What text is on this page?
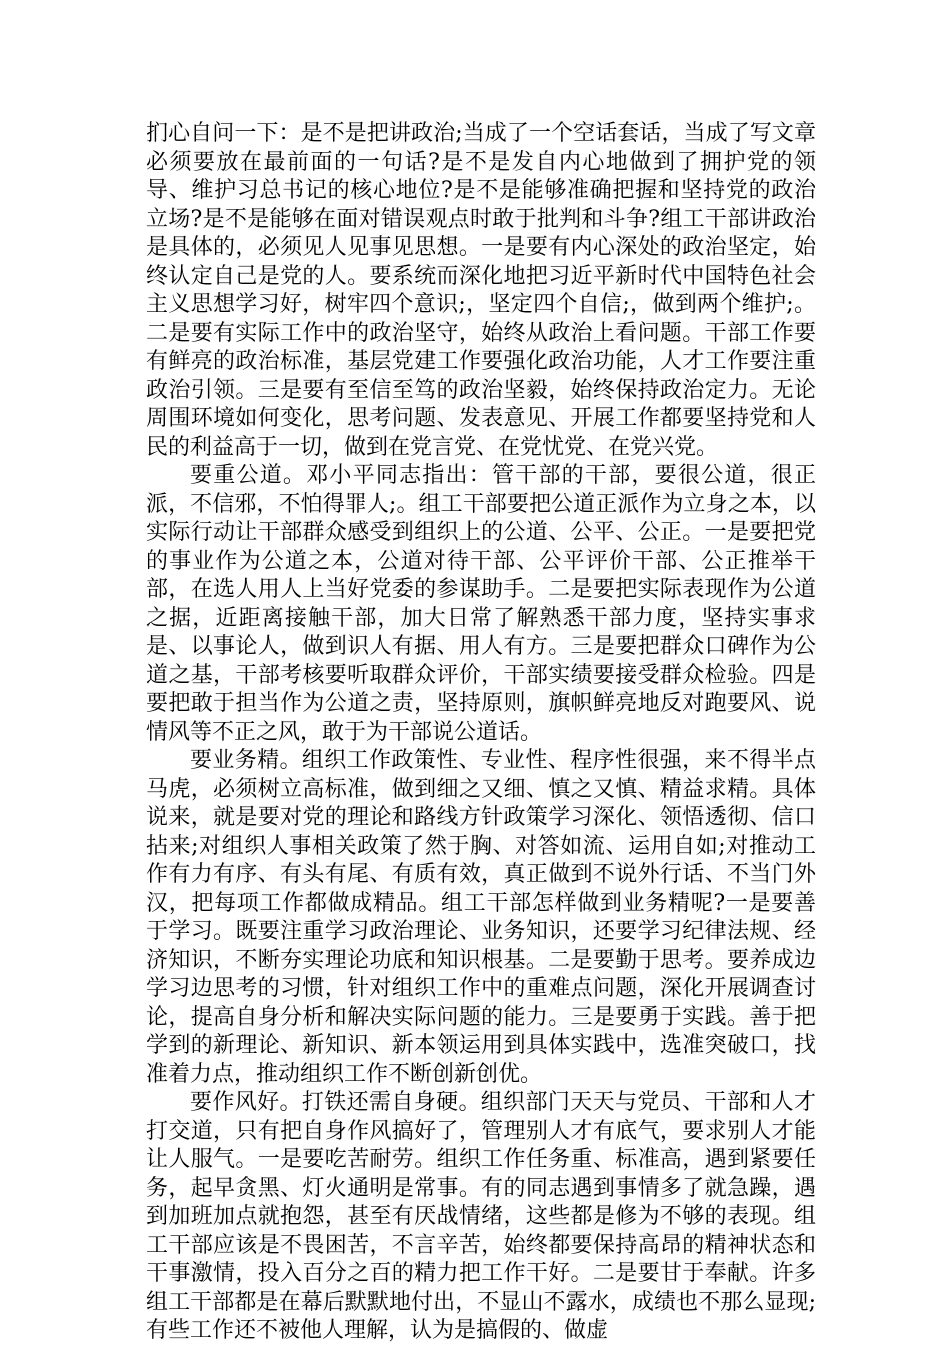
扪心自问一下：是不是把讲政治;当成了一个空话套话，当成了写文章必须要放在最前面的一句话?是不是发自内心地做到了拥护党的领导、维护习总书记的核心地位?是不是能够准确把握和坚持党的政治立场?是不是能够在面对错误观点时敢于批判和斗争?组工干部讲政治是具体的，必须见人见事见思想。一是要有内心深处的政治坚定，始终认定自己是党的人。要系统而深化地把习近平新时代中国特色社会主义思想学习好，树牢四个意识;，坚定四个自信;，做到两个维护;。二是要有实际工作中的政治坚守，始终从政治上看问题。干部工作要有鲜亮的政治标准，基层党建工作要强化政治功能，人才工作要注重政治引领。三是要有至信至笃的政治坚毅，始终保持政治定力。无论周围环境如何变化，思考问题、发表意见、开展工作都要坚持党和人民的利益高于一切，做到在党言党、在党忧党、在党兴党。

要重公道。邓小平同志指出：管干部的干部，要很公道，很正派，不信邪，不怕得罪人;。组工干部要把公道正派作为立身之本，以实际行动让干部群众感受到组织上的公道、公平、公正。一是要把党的事业作为公道之本，公道对待干部、公平评价干部、公正推举干部，在选人用人上当好党委的参谋助手。二是要把实际表现作为公道之据，近距离接触干部，加大日常了解熟悉干部力度，坚持实事求是、以事论人，做到识人有据、用人有方。三是要把群众口碑作为公道之基，干部考核要听取群众评价，干部实绩要接受群众检验。四是要把敢于担当作为公道之责，坚持原则，旗帜鲜亮地反对跑要风、说情风等不正之风，敢于为干部说公道话。

要业务精。组织工作政策性、专业性、程序性很强，来不得半点马虎，必须树立高标准，做到细之又细、慎之又慎、精益求精。具体说来，就是要对党的理论和路线方针政策学习深化、领悟透彻、信口拈来;对组织人事相关政策了然于胸、对答如流、运用自如;对推动工作有力有序、有头有尾、有质有效，真正做到不说外行话、不当门外汉，把每项工作都做成精品。组工干部怎样做到业务精呢?一是要善于学习。既要注重学习政治理论、业务知识，还要学习纪律法规、经济知识，不断夯实理论功底和知识根基。二是要勤于思考。要养成边学习边思考的习惯，针对组织工作中的重难点问题，深化开展调查讨论，提高自身分析和解决实际问题的能力。三是要勇于实践。善于把学到的新理论、新知识、新本领运用到具体实践中，选准突破口，找准着力点，推动组织工作不断创新创优。

要作风好。打铁还需自身硬。组织部门天天与党员、干部和人才打交道，只有把自身作风搞好了，管理别人才有底气，要求别人才能让人服气。一是要吃苦耐劳。组织工作任务重、标准高，遇到紧要任务，起早贪黑、灯火通明是常事。有的同志遇到事情多了就急躁，遇到加班加点就抱怨，甚至有厌战情绪，这些都是修为不够的表现。组工干部应该是不畏困苦，不言辛苦，始终都要保持高昂的精神状态和干事激情，投入百分之百的精力把工作干好。二是要甘于奉献。许多组工干部都是在幕后默默地付出，不显山不露水，成绩也不那么显现;有些工作还不被他人理解，认为是搞假的、做虚
